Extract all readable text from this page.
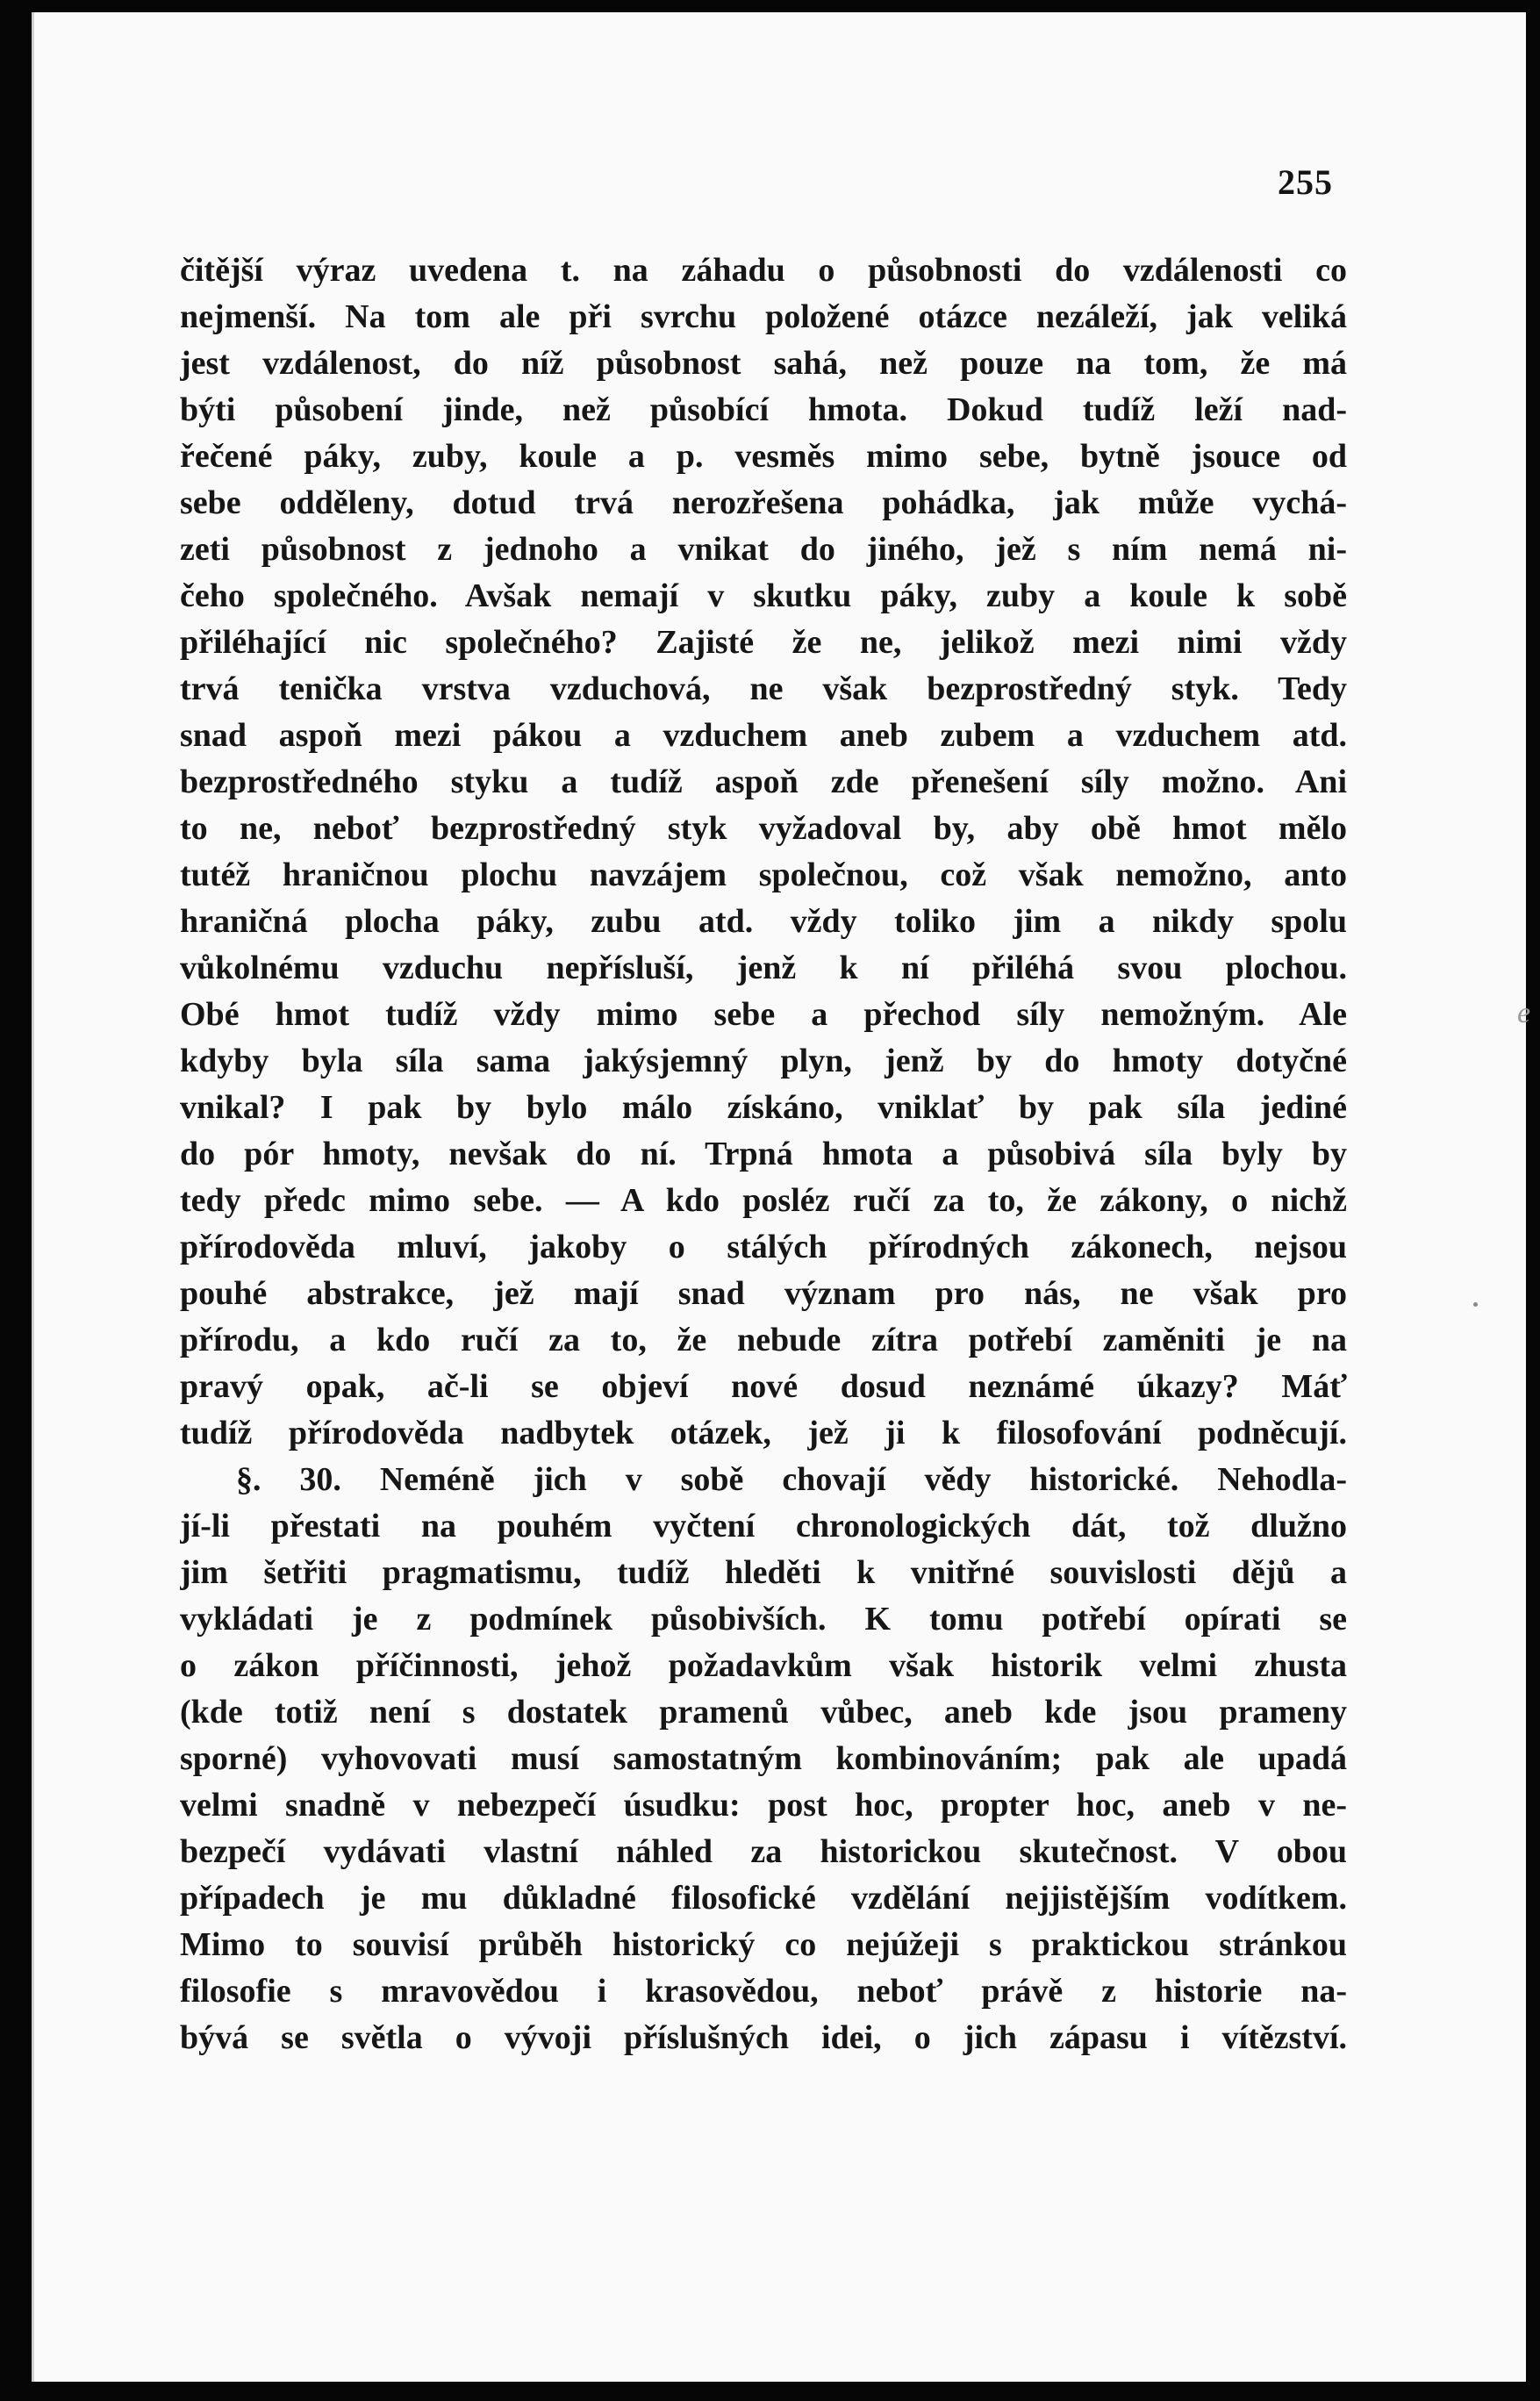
255
čitější výraz uvedena t. na záhadu o působnosti do vzdálenosti co
nejmenší. Na tom ale při svrchu položené otázce nezáleží, jak veliká
jest vzdálenost, do níž působnost sahá, než pouze na tom, že má
býti působení jinde, než působící hmota. Dokud tudíž leží nad-
řečené páky, zuby, koule a p. vesměs mimo sebe, bytně jsouce od
sebe odděleny, dotud trvá nerozřešena pohádka, jak může vychá-
zeti působnost z jednoho a vnikat do jiného, jež s ním nemá ni-
čeho společného. Avšak nemají v skutku páky, zuby a koule k sobě
přiléhající nic společného? Zajisté že ne, jelikož mezi nimi vždy
trvá tenička vrstva vzduchová, ne však bezprostředný styk. Tedy
snad aspoň mezi pákou a vzduchem aneb zubem a vzduchem atd.
bezprostředného styku a tudíž aspoň zde přenešení síly možno. Ani
to ne, neboť bezprostředný styk vyžadoval by, aby obě hmot mělo
tutéž hraničnou plochu navzájem společnou, což však nemožno, anto
hraničná plocha páky, zubu atd. vždy toliko jim a nikdy spolu
vůkolnému vzduchu nepřísluší, jenž k ní přiléhá svou plochou.
Obé hmot tudíž vždy mimo sebe a přechod síly nemožným. Ale
kdyby byla síla sama jakýsjemný plyn, jenž by do hmoty dotyčné
vnikal? I pak by bylo málo získáno, vniklať by pak síla jediné
do pór hmoty, nevšak do ní. Trpná hmota a působivá síla byly by
tedy předc mimo sebe. — A kdo posléz ručí za to, že zákony, o nichž
přírodověda mluví, jakoby o stálých přírodných zákonech, nejsou
pouhé abstrakce, jež mají snad význam pro nás, ne však pro
přírodu, a kdo ručí za to, že nebude zítra potřebí zaměniti je na
pravý opak, ač-li se objeví nové dosud neznámé úkazy? Máť
tudíž přírodověda nadbytek otázek, jež ji k filosofování podněcují.
§. 30. Neméně jich v sobě chovají vědy historické. Nehodla-
jí-li přestati na pouhém vyčtení chronologických dát, tož dlužno
jim šetřiti pragmatismu, tudíž hleděti k vnitřné souvislosti dějů a
vykládati je z podmínek působivších. K tomu potřebí opírati se
o zákon příčinnosti, jehož požadavkům však historik velmi zhusta
(kde totiž není s dostatek pramenů vůbec, aneb kde jsou prameny
sporné) vyhovovati musí samostatným kombinováním; pak ale upadá
velmi snadně v nebezpečí úsudku: post hoc, propter hoc, aneb v ne-
bezpečí vydávati vlastní náhled za historickou skutečnost. V obou
případech je mu důkladné filosofické vzdělání nejjistějším vodítkem.
Mimo to souvisí průběh historický co nejúžeji s praktickou stránkou
filosofie s mravovědou i krasovědou, neboť právě z historie na-
bývá se světla o vývoji příslušných idei, o jich zápasu i vítězství.
e
